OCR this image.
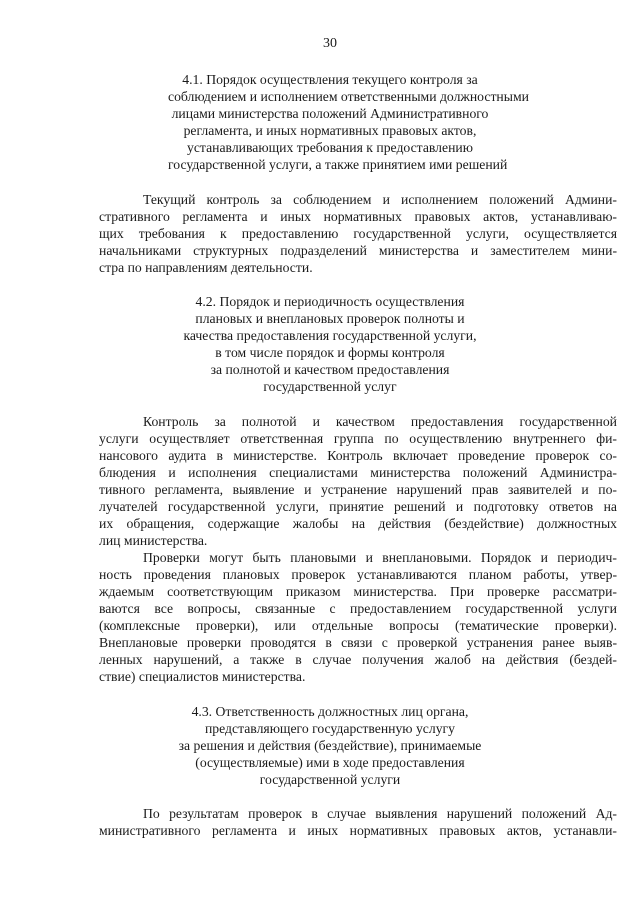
30
4.1. Порядок осуществления текущего контроля за
соблюдением и исполнением ответственными должностными
лицами министерства положений Административного
регламента, и иных нормативных правовых актов,
устанавливающих требования к предоставлению
государственной услуги, а также принятием ими решений
Текущий контроль за соблюдением и исполнением положений Админи-
стративного регламента и иных нормативных правовых актов, устанавливаю-
щих требования к предоставлению государственной услуги, осуществляется
начальниками структурных подразделений министерства и заместителем мини-
стра по направлениям деятельности.
4.2. Порядок и периодичность осуществления
плановых и внеплановых проверок полноты и
качества предоставления государственной услуги,
в том числе порядок и формы контроля
за полнотой и качеством предоставления
государственной услуг
Контроль за полнотой и качеством предоставления государственной
услуги осуществляет ответственная группа по осуществлению внутреннего фи-
нансового аудита в министерстве. Контроль включает проведение проверок со-
блюдения и исполнения специалистами министерства положений Администра-
тивного регламента, выявление и устранение нарушений прав заявителей и по-
лучателей государственной услуги, принятие решений и подготовку ответов на
их обращения, содержащие жалобы на действия (бездействие) должностных
лиц министерства.
Проверки могут быть плановыми и внеплановыми. Порядок и периодич-
ность проведения плановых проверок устанавливаются планом работы, утвер-
ждаемым соответствующим приказом министерства. При проверке рассматри-
ваются все вопросы, связанные с предоставлением государственной услуги
(комплексные проверки), или отдельные вопросы (тематические проверки).
Внеплановые проверки проводятся в связи с проверкой устранения ранее выяв-
ленных нарушений, а также в случае получения жалоб на действия (бездей-
ствие) специалистов министерства.
4.3. Ответственность должностных лиц органа,
представляющего государственную услугу
за решения и действия (бездействие), принимаемые
(осуществляемые) ими в ходе предоставления
государственной услуги
По результатам проверок в случае выявления нарушений положений Ад-
министративного регламента и иных нормативных правовых актов, устанавли-
